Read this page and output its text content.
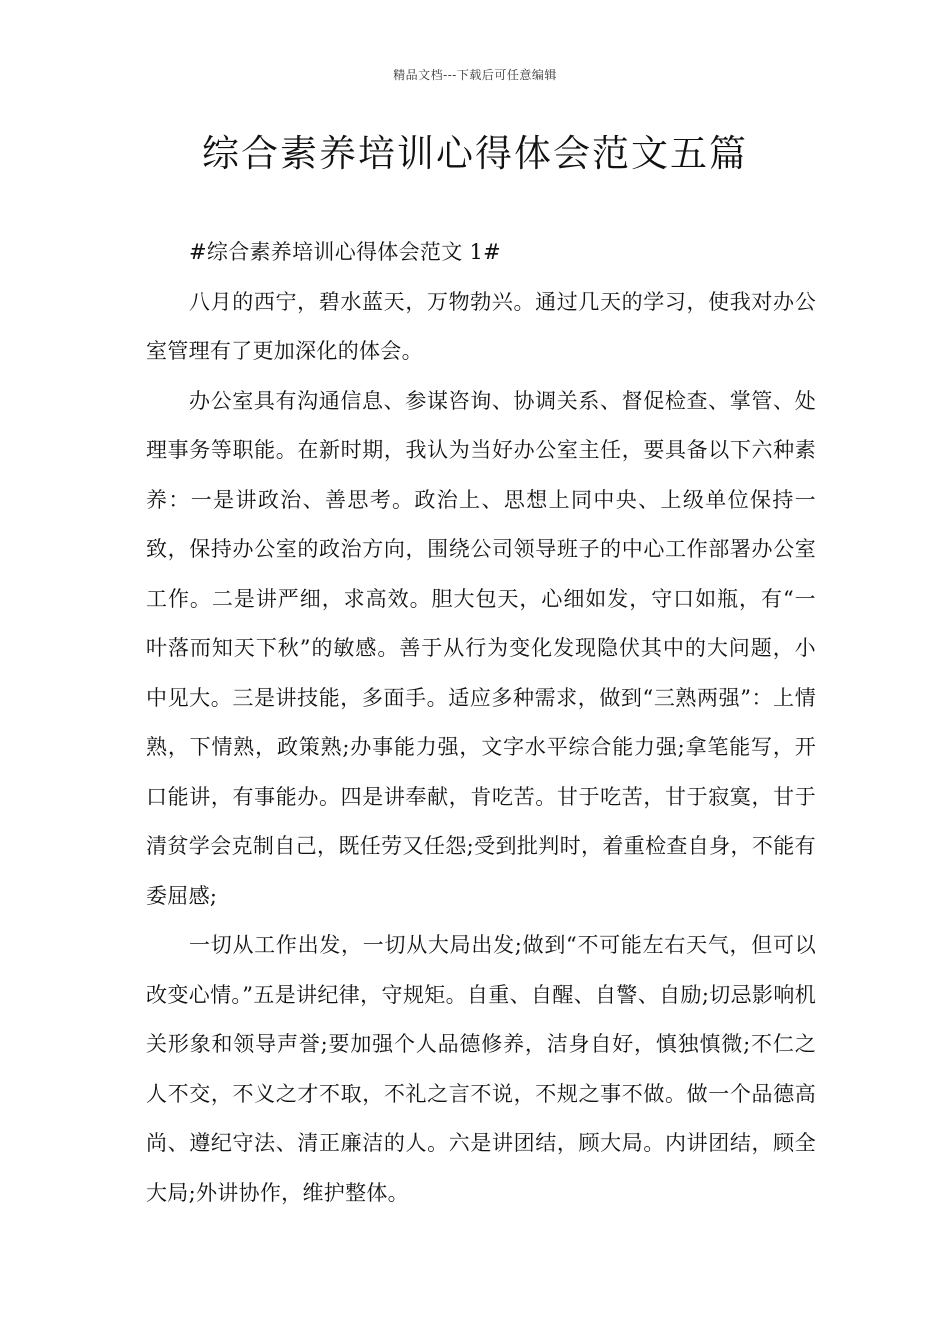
精品文档---下载后可任意编辑
综合素养培训心得体会范文五篇

#综合素养培训心得体会范文 1#

八月的西宁，碧水蓝天，万物勃兴。通过几天的学习，使我对办公室管理有了更加深化的体会。

办公室具有沟通信息、参谋咨询、协调关系、督促检查、掌管、处理事务等职能。在新时期，我认为当好办公室主任，要具备以下六种素养：一是讲政治、善思考。政治上、思想上同中央、上级单位保持一致，保持办公室的政治方向，围绕公司领导班子的中心工作部署办公室工作。二是讲严细，求高效。胆大包天，心细如发，守口如瓶，有“一叶落而知天下秋”的敏感。善于从行为变化发现隐伏其中的大问题，小中见大。三是讲技能，多面手。适应多种需求，做到“三熟两强”：上情熟，下情熟，政策熟;办事能力强，文字水平综合能力强;拿笔能写，开口能讲，有事能办。四是讲奉献，肯吃苦。甘于吃苦，甘于寂寞，甘于清贫学会克制自己，既任劳又任怨;受到批判时，着重检查自身，不能有委屈感;

一切从工作出发，一切从大局出发;做到“不可能左右天气，但可以改变心情。”五是讲纪律，守规矩。自重、自醒、自警、自励;切忌影响机关形象和领导声誉;要加强个人品德修养，洁身自好，慎独慎微;不仁之人不交，不义之才不取，不礼之言不说，不规之事不做。做一个品德高尚、遵纪守法、清正廉洁的人。六是讲团结，顾大局。内讲团结，顾全大局;外讲协作，维护整体。
